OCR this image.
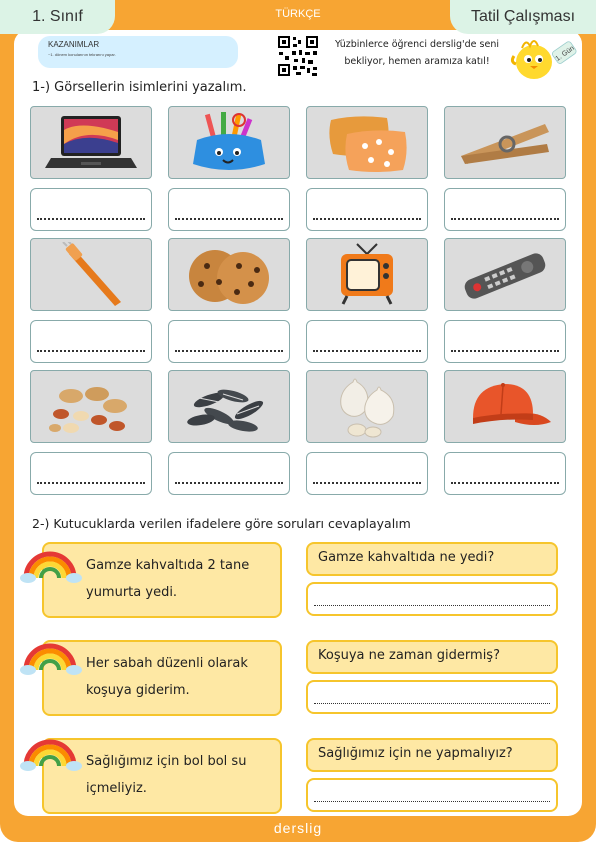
1. Sınıf	TÜRKÇE	Tatil Çalışması
KAZANIMLAR
~1. dönem konularının tekrarını yapar.
Yüzbinlerce öğrenci derslig'de seni
bekliyor, hemen aramıza katıl!	1. Gün
1-) Görsellerin isimlerini yazalım.
2-) Kutucuklarda verilen ifadelere göre soruları cevaplayalım
Gamze kahvaltıda 2 tane
yumurta yedi.
Gamze kahvaltıda ne yedi?
Her sabah düzenli olarak
koşuya giderim.
Koşuya ne zaman gidermiş?
Sağlığımız için bol bol su
içmeliyiz.
Sağlığımız için ne yapmalıyız?
derslig
